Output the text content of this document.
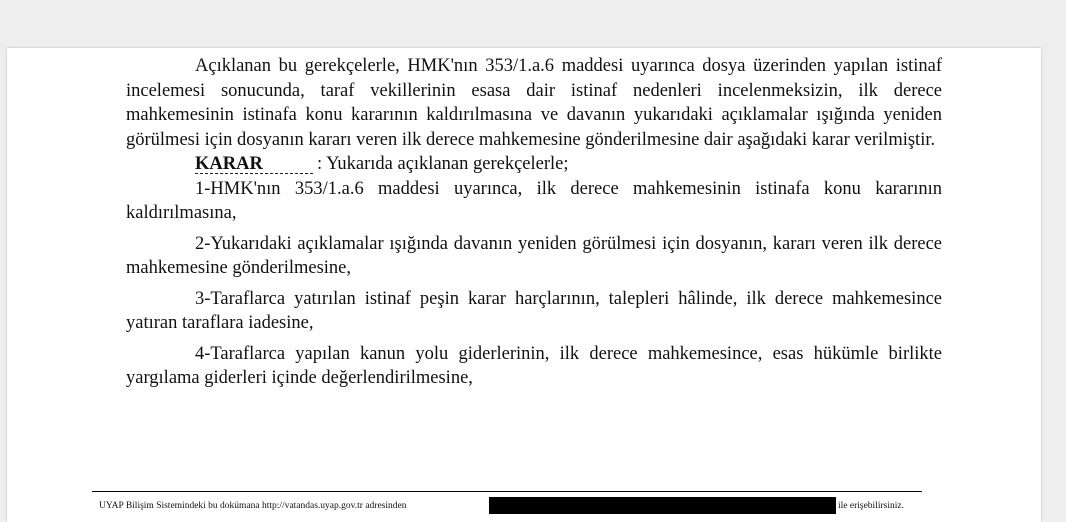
Açıklanan bu gerekçelerle, HMK'nın 353/1.a.6 maddesi uyarınca dosya üzerinden yapılan istinaf incelemesi sonucunda, taraf vekillerinin esasa dair istinaf nedenleri incelenmeksizin, ilk derece mahkemesinin istinafa konu kararının kaldırılmasına ve davanın yukarıdaki açıklamalar ışığında yeniden görülmesi için dosyanın kararı veren ilk derece mahkemesine gönderilmesine dair aşağıdaki karar verilmiştir.

KARAR	: Yukarıda açıklanan gerekçelerle;

1-HMK'nın 353/1.a.6 maddesi uyarınca, ilk derece mahkemesinin istinafa konu kararının kaldırılmasına,

2-Yukarıdaki açıklamalar ışığında davanın yeniden görülmesi için dosyanın, kararı veren ilk derece mahkemesine gönderilmesine,

3-Taraflarca yatırılan istinaf peşin karar harçlarının, talepleri hâlinde, ilk derece mahkemesince yatıran taraflara iadesine,

4-Taraflarca yapılan kanun yolu giderlerinin, ilk derece mahkemesince, esas hükümle birlikte yargılama giderleri içinde değerlendirilmesine,

UYAP Bilişim Sistemindeki bu dokümana http://vatandas.uyap.gov.tr adresinden	ile erişebilirsiniz.
